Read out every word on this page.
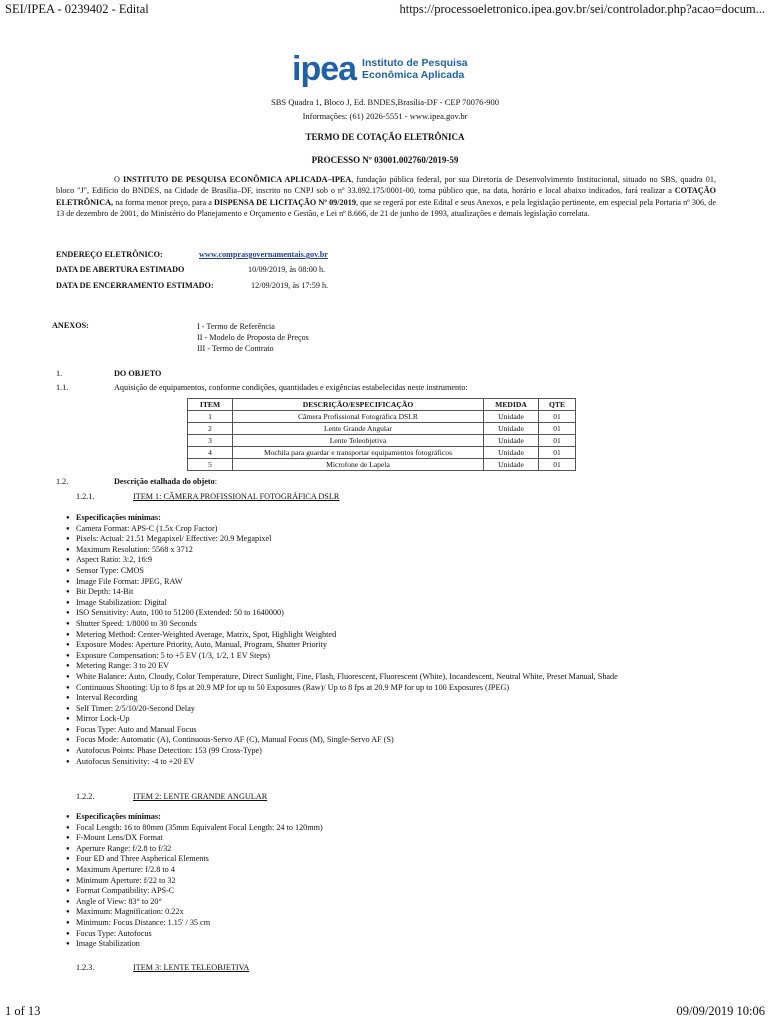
SEI/IPEA - 0239402 - Edital	https://processoeletronico.ipea.gov.br/sei/controlador.php?acao=docum...
ipea Instituto de Pesquisa
Econômica Aplicada
SBS Quadra 1, Bloco J, Ed. BNDES,Brasília-DF - CEP 70076-900
Informações: (61) 2026-5551 - www.ipea.gov.br
TERMO DE COTAÇÃO ELETRÔNICA
PROCESSO Nº 03001.002760/2019-59
O INSTITUTO DE PESQUISA ECONÔMICA APLICADA–IPEA, fundação pública federal, por sua Diretoria de Desenvolvimento Institucional, situado no SBS, quadra 01, bloco "J", Edifício do BNDES, na Cidade de Brasília–DF, inscrito no CNPJ sob o nº 33.892.175/0001-00, torna público que, na data, horário e local abaixo indicados, fará realizar a COTAÇÃO ELETRÔNICA, na forma menor preço, para a DISPENSA DE LICITAÇÃO Nº 09/2019, que se regerá por este Edital e seus Anexos, e pela legislação pertinente, em especial pela Portaria nº 306, de 13 de dezembro de 2001, do Ministério do Planejamento e Orçamento e Gestão, e Lei nº 8.666, de 21 de junho de 1993, atualizações e demais legislação correlata.
ENDEREÇO ELETRÔNICO:	www.comprasgovernamentais.gov.br
DATA DE ABERTURA ESTIMADO	10/09/2019, às 08:00 h.
DATA DE ENCERRAMENTO ESTIMADO:	12/09/2019, às 17:59 h.
ANEXOS:	I - Termo de Referência
II - Modelo de Proposta de Preços
III - Termo de Contrato
1.	DO OBJETO
1.1.	Aquisição de equipamentos, conforme condições, quantidades e exigências estabelecidas neste instrumento:
ITEM	DESCRIÇÃO/ESPECIFICAÇÃO	MEDIDA	QTE
1	Câmera Profissional Fotográfica DSLR	Unidade	01
2	Lente Grande Angular	Unidade	01
3	Lente Teleobjetiva	Unidade	01
4	Mochila para guardar e transportar equipamentos fotográficos	Unidade	01
5	Microfone de Lapela	Unidade	01
1.2.	Descrição etalhada do objeto:
1.2.1.	ITEM 1: CÂMERA PROFISSIONAL FOTOGRÁFICA DSLR
● Especificações mínimas:
● Camera Format: APS-C (1.5x Crop Factor)
● Pixels: Actual: 21.51 Megapixel/ Effective: 20.9 Megapixel
● Maximum Resolution: 5568 x 3712
● Aspect Ratio: 3:2, 16:9
● Sensor Type: CMOS
● Image File Format: JPEG, RAW
● Bit Depth: 14-Bit
● Image Stabilization: Digital
● ISO Sensitivity: Auto, 100 to 51200 (Extended: 50 to 1640000)
● Shutter Speed: 1/8000 to 30 Seconds
● Metering Method: Center-Weighted Average, Matrix, Spot, Highlight Weighted
● Exposure Modes: Aperture Priority, Auto, Manual, Program, Shutter Priority
● Exposure Compensation: 5 to +5 EV (1/3, 1/2, 1 EV Steps)
● Metering Range: 3 to 20 EV
● White Balance: Auto, Cloudy, Color Temperature, Direct Sunlight, Fine, Flash, Fluorescent, Fluorescent (White), Incandescent, Neutral White, Preset Manual, Shade
● Continuous Shooting: Up to 8 fps at 20.9 MP for up to 50 Exposures (Raw)/ Up to 8 fps at 20.9 MP for up to 100 Exposures (JPEG)
● Interval Recording
● Self Timer: 2/5/10/20-Second Delay
● Mirror Lock-Up
● Focus Type: Auto and Manual Focus
● Focus Mode: Automatic (A), Continuous-Servo AF (C), Manual Focus (M), Single-Servo AF (S)
● Autofocus Points: Phase Detection: 153 (99 Cross-Type)
● Autofocus Sensitivity: -4 to +20 EV
1.2.2.	ITEM 2: LENTE GRANDE ANGULAR
● Especificações mínimas:
● Focal Length: 16 to 80mm (35mm Equivalent Focal Length: 24 to 120mm)
● F-Mount Lens/DX Format
● Aperture Range: f/2.8 to f/32
● Four ED and Three Aspherical Elements
● Maximum Aperture: f/2.8 to 4
● Minimum Aperture: f/22 to 32
● Format Compatibility: APS-C
● Angle of View: 83° to 20°
● Maximum: Magnification: 0.22x
● Minimum: Focus Distance: 1.15' / 35 cm
● Focus Type: Autofocus
● Image Stabilization
1.2.3.	ITEM 3: LENTE TELEOBJETIVA
1 of 13	09/09/2019 10:06
